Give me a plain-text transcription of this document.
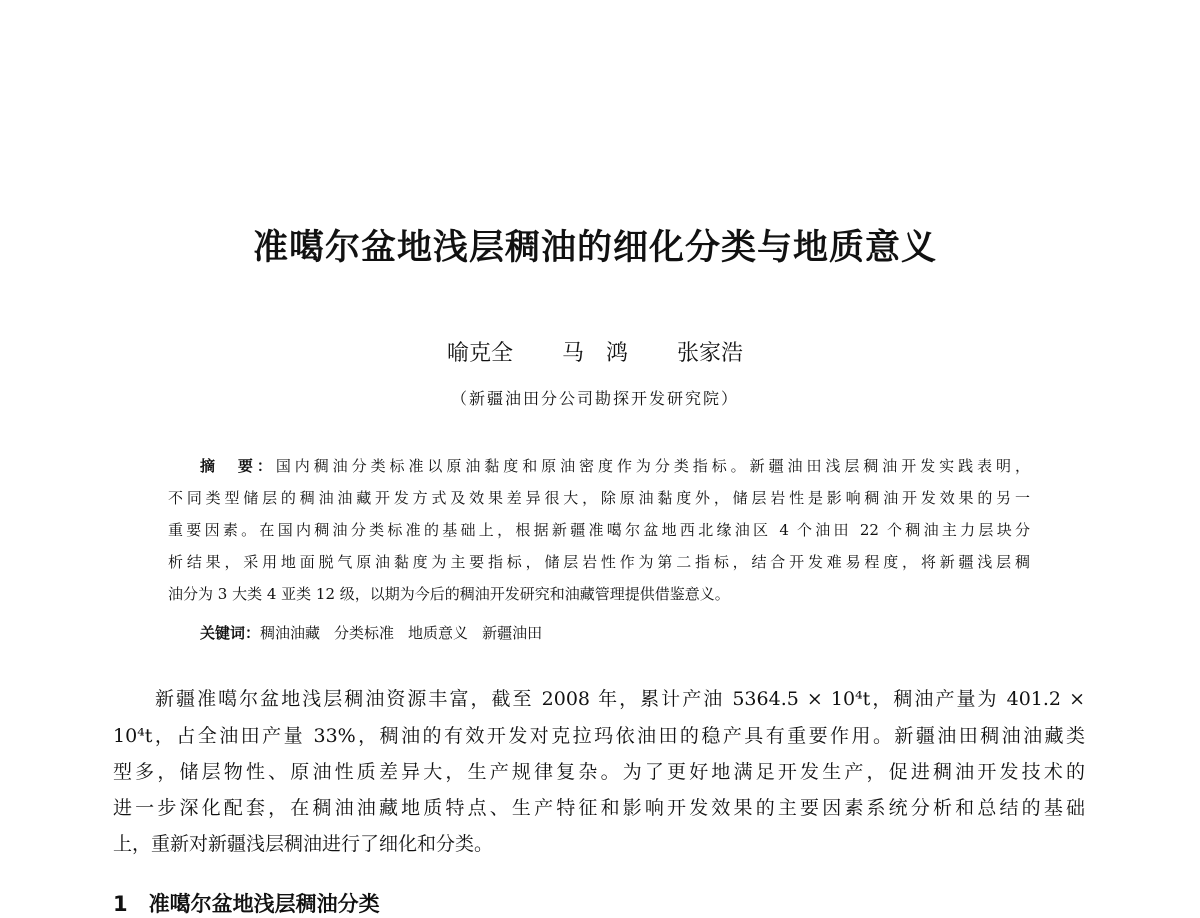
准噶尔盆地浅层稠油的细化分类与地质意义
喻克全 马　鸿 张家浩
（新疆油田分公司勘探开发研究院）
摘　要：国内稠油分类标准以原油黏度和原油密度作为分类指标。新疆油田浅层稠油开发实践表明，
不同类型储层的稠油油藏开发方式及效果差异很大，除原油黏度外，储层岩性是影响稠油开发效果的另一
重要因素。在国内稠油分类标准的基础上，根据新疆准噶尔盆地西北缘油区 4 个油田 22 个稠油主力层块分
析结果，采用地面脱气原油黏度为主要指标，储层岩性作为第二指标，结合开发难易程度，将新疆浅层稠
油分为 3 大类 4 亚类 12 级，以期为今后的稠油开发研究和油藏管理提供借鉴意义。
关键词：稠油油藏 分类标准 地质意义 新疆油田
新疆准噶尔盆地浅层稠油资源丰富，截至 2008 年，累计产油 5364.5 × 10⁴t，稠油产量为 401.2 ×
10⁴t，占全油田产量 33%，稠油的有效开发对克拉玛依油田的稳产具有重要作用。新疆油田稠油油藏类
型多，储层物性、原油性质差异大，生产规律复杂。为了更好地满足开发生产，促进稠油开发技术的
进一步深化配套，在稠油油藏地质特点、生产特征和影响开发效果的主要因素系统分析和总结的基础
上，重新对新疆浅层稠油进行了细化和分类。
1　准噶尔盆地浅层稠油分类
